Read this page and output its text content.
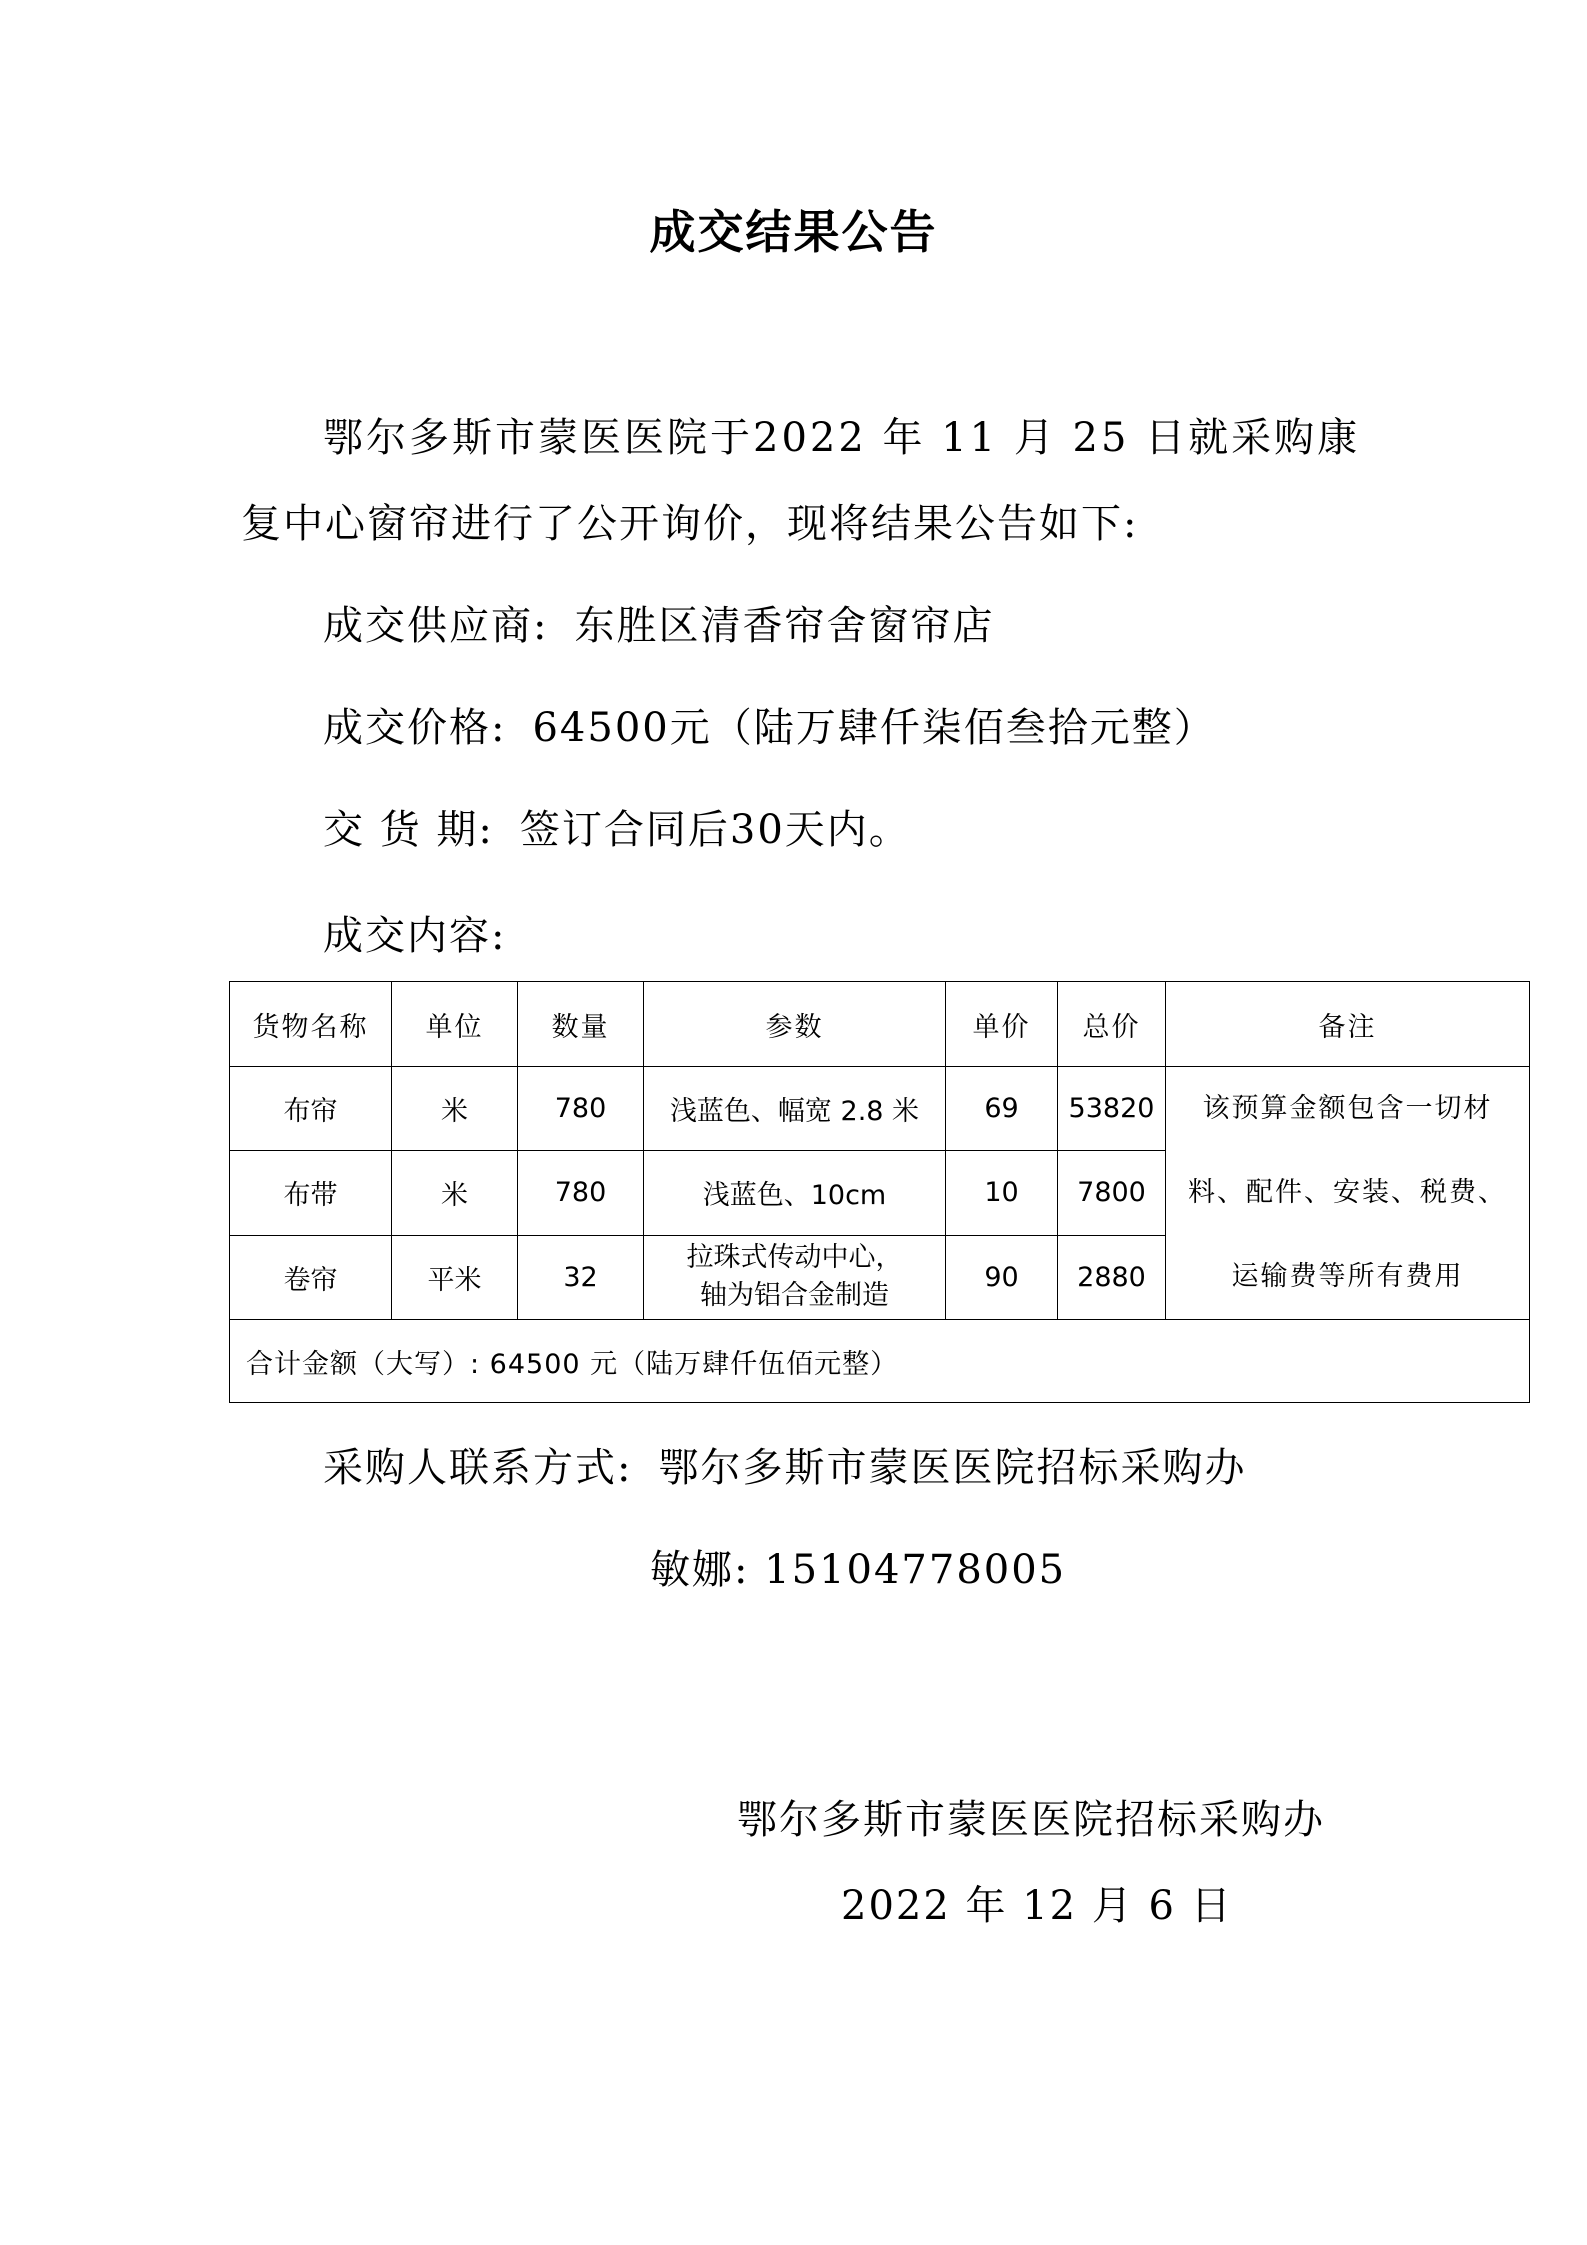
成交结果公告
鄂尔多斯市蒙医医院于2022 年 11 月 25 日就采购康
复中心窗帘进行了公开询价，现将结果公告如下:
成交供应商: 东胜区清香帘舍窗帘店
成交价格: 64500元（陆万肆仟柒佰叁拾元整）
交 货 期: 签订合同后30天内。
成交内容:
货物名称	单位	数量	参数	单价	总价	备注
布帘	米	780	浅蓝色、幅宽 2.8 米	69	53820	该预算金额包含一切材
料、配件、安装、税费、
运输费等所有费用

布带	米	780	浅蓝色、10cm	10	7800	
卷帘	平米	32	拉珠式传动中心，
轴为铝合金制造	90	2880	
合计金额（大写）: 64500 元（陆万肆仟伍佰元整）						
采购人联系方式: 鄂尔多斯市蒙医医院招标采购办
敏娜: 15104778005
鄂尔多斯市蒙医医院招标采购办
2022 年 12 月 6 日
